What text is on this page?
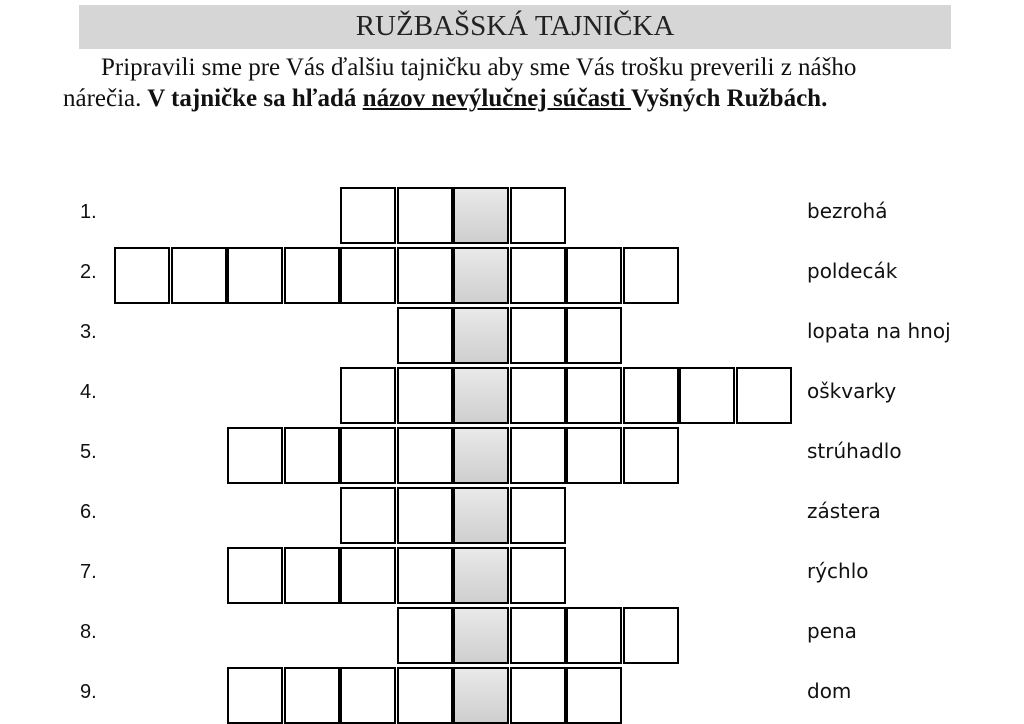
RUŽBAŠSKÁ TAJNIČKA
Pripravili sme pre Vás ďalšiu tajničku aby sme Vás trošku preverili z nášho
nárečia. V tajničke sa hľadá názov nevýlučnej súčasti Vyšných Ružbách.
1.	bezrohá
2.	poldecák
3.	lopata na hnoj
4.	oškvarky
5.	strúhadlo
6.	zástera
7.	rýchlo
8.	pena
9.	dom
